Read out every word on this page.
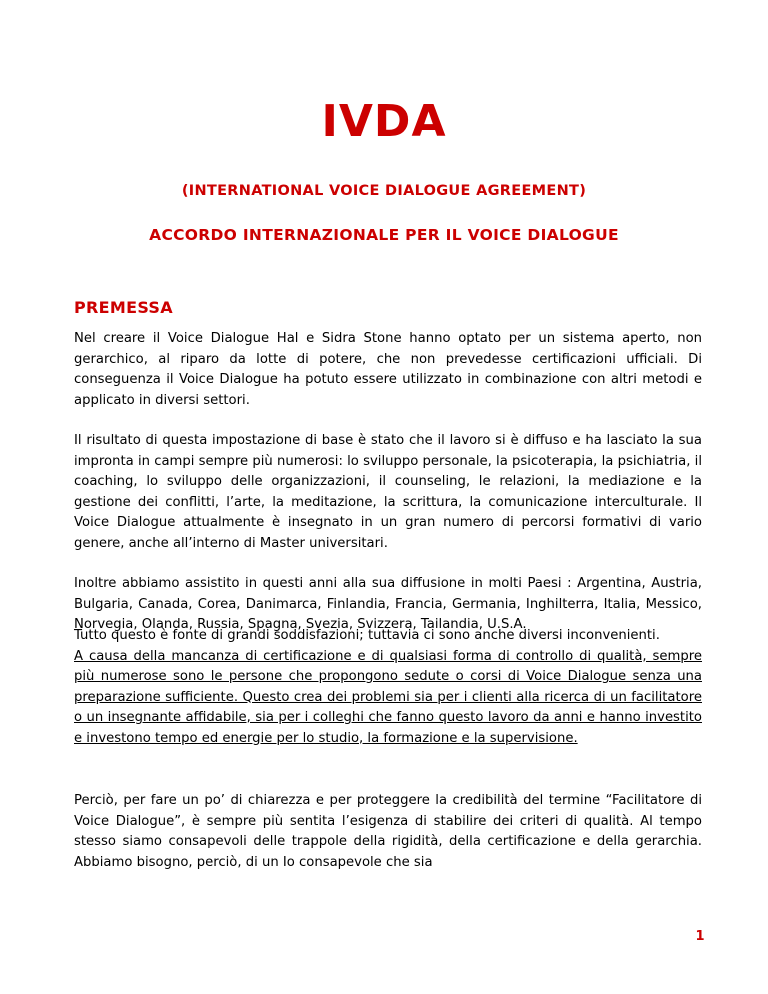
IVDA
(INTERNATIONAL VOICE DIALOGUE AGREEMENT)
ACCORDO INTERNAZIONALE PER IL VOICE DIALOGUE
PREMESSA

Nel creare il Voice Dialogue Hal e Sidra Stone hanno optato per un sistema aperto, non gerarchico, al riparo da lotte di potere, che non prevedesse certificazioni ufficiali. Di conseguenza il Voice Dialogue ha potuto essere utilizzato in combinazione con altri metodi e applicato in diversi settori.

Il risultato di questa impostazione di base è stato che il lavoro si è diffuso e ha lasciato la sua impronta in campi sempre più numerosi: lo sviluppo personale, la psicoterapia, la psichiatria, il coaching, lo sviluppo delle organizzazioni, il counseling, le relazioni, la mediazione e la gestione dei conflitti, l’arte, la meditazione, la scrittura, la comunicazione interculturale. Il Voice Dialogue attualmente è insegnato in un gran numero di percorsi formativi di vario genere, anche all’interno di Master universitari.

Inoltre abbiamo assistito in questi anni alla sua diffusione in molti Paesi : Argentina, Austria, Bulgaria, Canada, Corea, Danimarca, Finlandia, Francia, Germania, Inghilterra, Italia, Messico, Norvegia, Olanda, Russia, Spagna, Svezia, Svizzera, Tailandia, U.S.A.

Tutto questo è fonte di grandi soddisfazioni; tuttavia ci sono anche diversi inconvenienti.

A causa della mancanza di certificazione e di qualsiasi forma di controllo di qualità, sempre più numerose sono le persone che propongono sedute o corsi di Voice Dialogue senza una preparazione sufficiente. Questo crea dei problemi sia per i clienti alla ricerca di un facilitatore o un insegnante affidabile, sia per i colleghi che fanno questo lavoro da anni e hanno investito e investono tempo ed energie per lo studio, la formazione e la supervisione.

Perciò, per fare un po’ di chiarezza e per proteggere la credibilità del termine “Facilitatore di Voice Dialogue”, è sempre più sentita l’esigenza di stabilire dei criteri di qualità. Al tempo stesso siamo consapevoli delle trappole della rigidità, della certificazione e della gerarchia. Abbiamo bisogno, perciò, di un Io consapevole che sia

1
